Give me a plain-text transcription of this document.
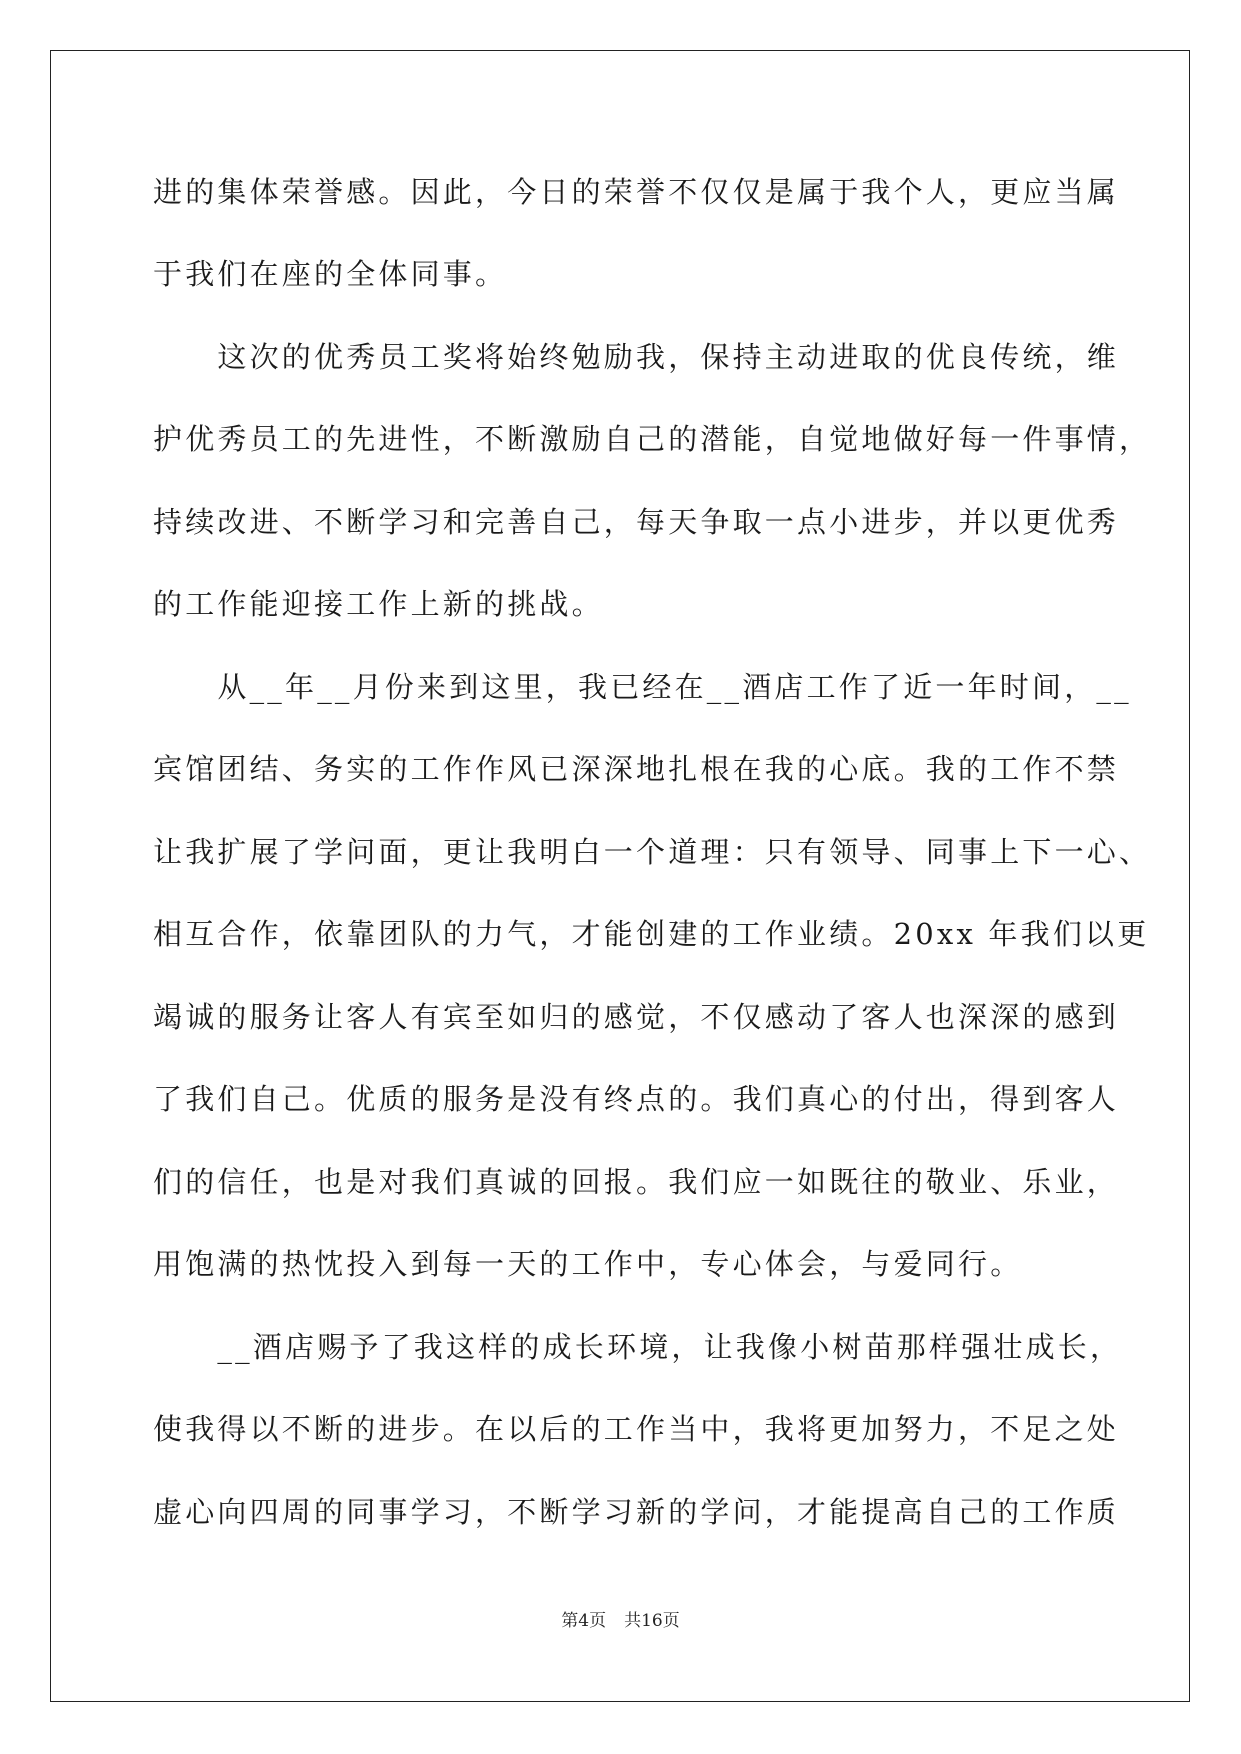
进的集体荣誉感。因此，今日的荣誉不仅仅是属于我个人，更应当属
于我们在座的全体同事。
　　这次的优秀员工奖将始终勉励我，保持主动进取的优良传统，维
护优秀员工的先进性，不断激励自己的潜能，自觉地做好每一件事情，
持续改进、不断学习和完善自己，每天争取一点小进步，并以更优秀
的工作能迎接工作上新的挑战。
　　从__年__月份来到这里，我已经在__酒店工作了近一年时间，__
宾馆团结、务实的工作作风已深深地扎根在我的心底。我的工作不禁
让我扩展了学问面，更让我明白一个道理：只有领导、同事上下一心、
相互合作，依靠团队的力气，才能创建的工作业绩。20xx 年我们以更
竭诚的服务让客人有宾至如归的感觉，不仅感动了客人也深深的感到
了我们自己。优质的服务是没有终点的。我们真心的付出，得到客人
们的信任，也是对我们真诚的回报。我们应一如既往的敬业、乐业，
用饱满的热忱投入到每一天的工作中，专心体会，与爱同行。
　　__酒店赐予了我这样的成长环境，让我像小树苗那样强壮成长，
使我得以不断的进步。在以后的工作当中，我将更加努力，不足之处
虚心向四周的同事学习，不断学习新的学问，才能提高自己的工作质
第4页 共16页
